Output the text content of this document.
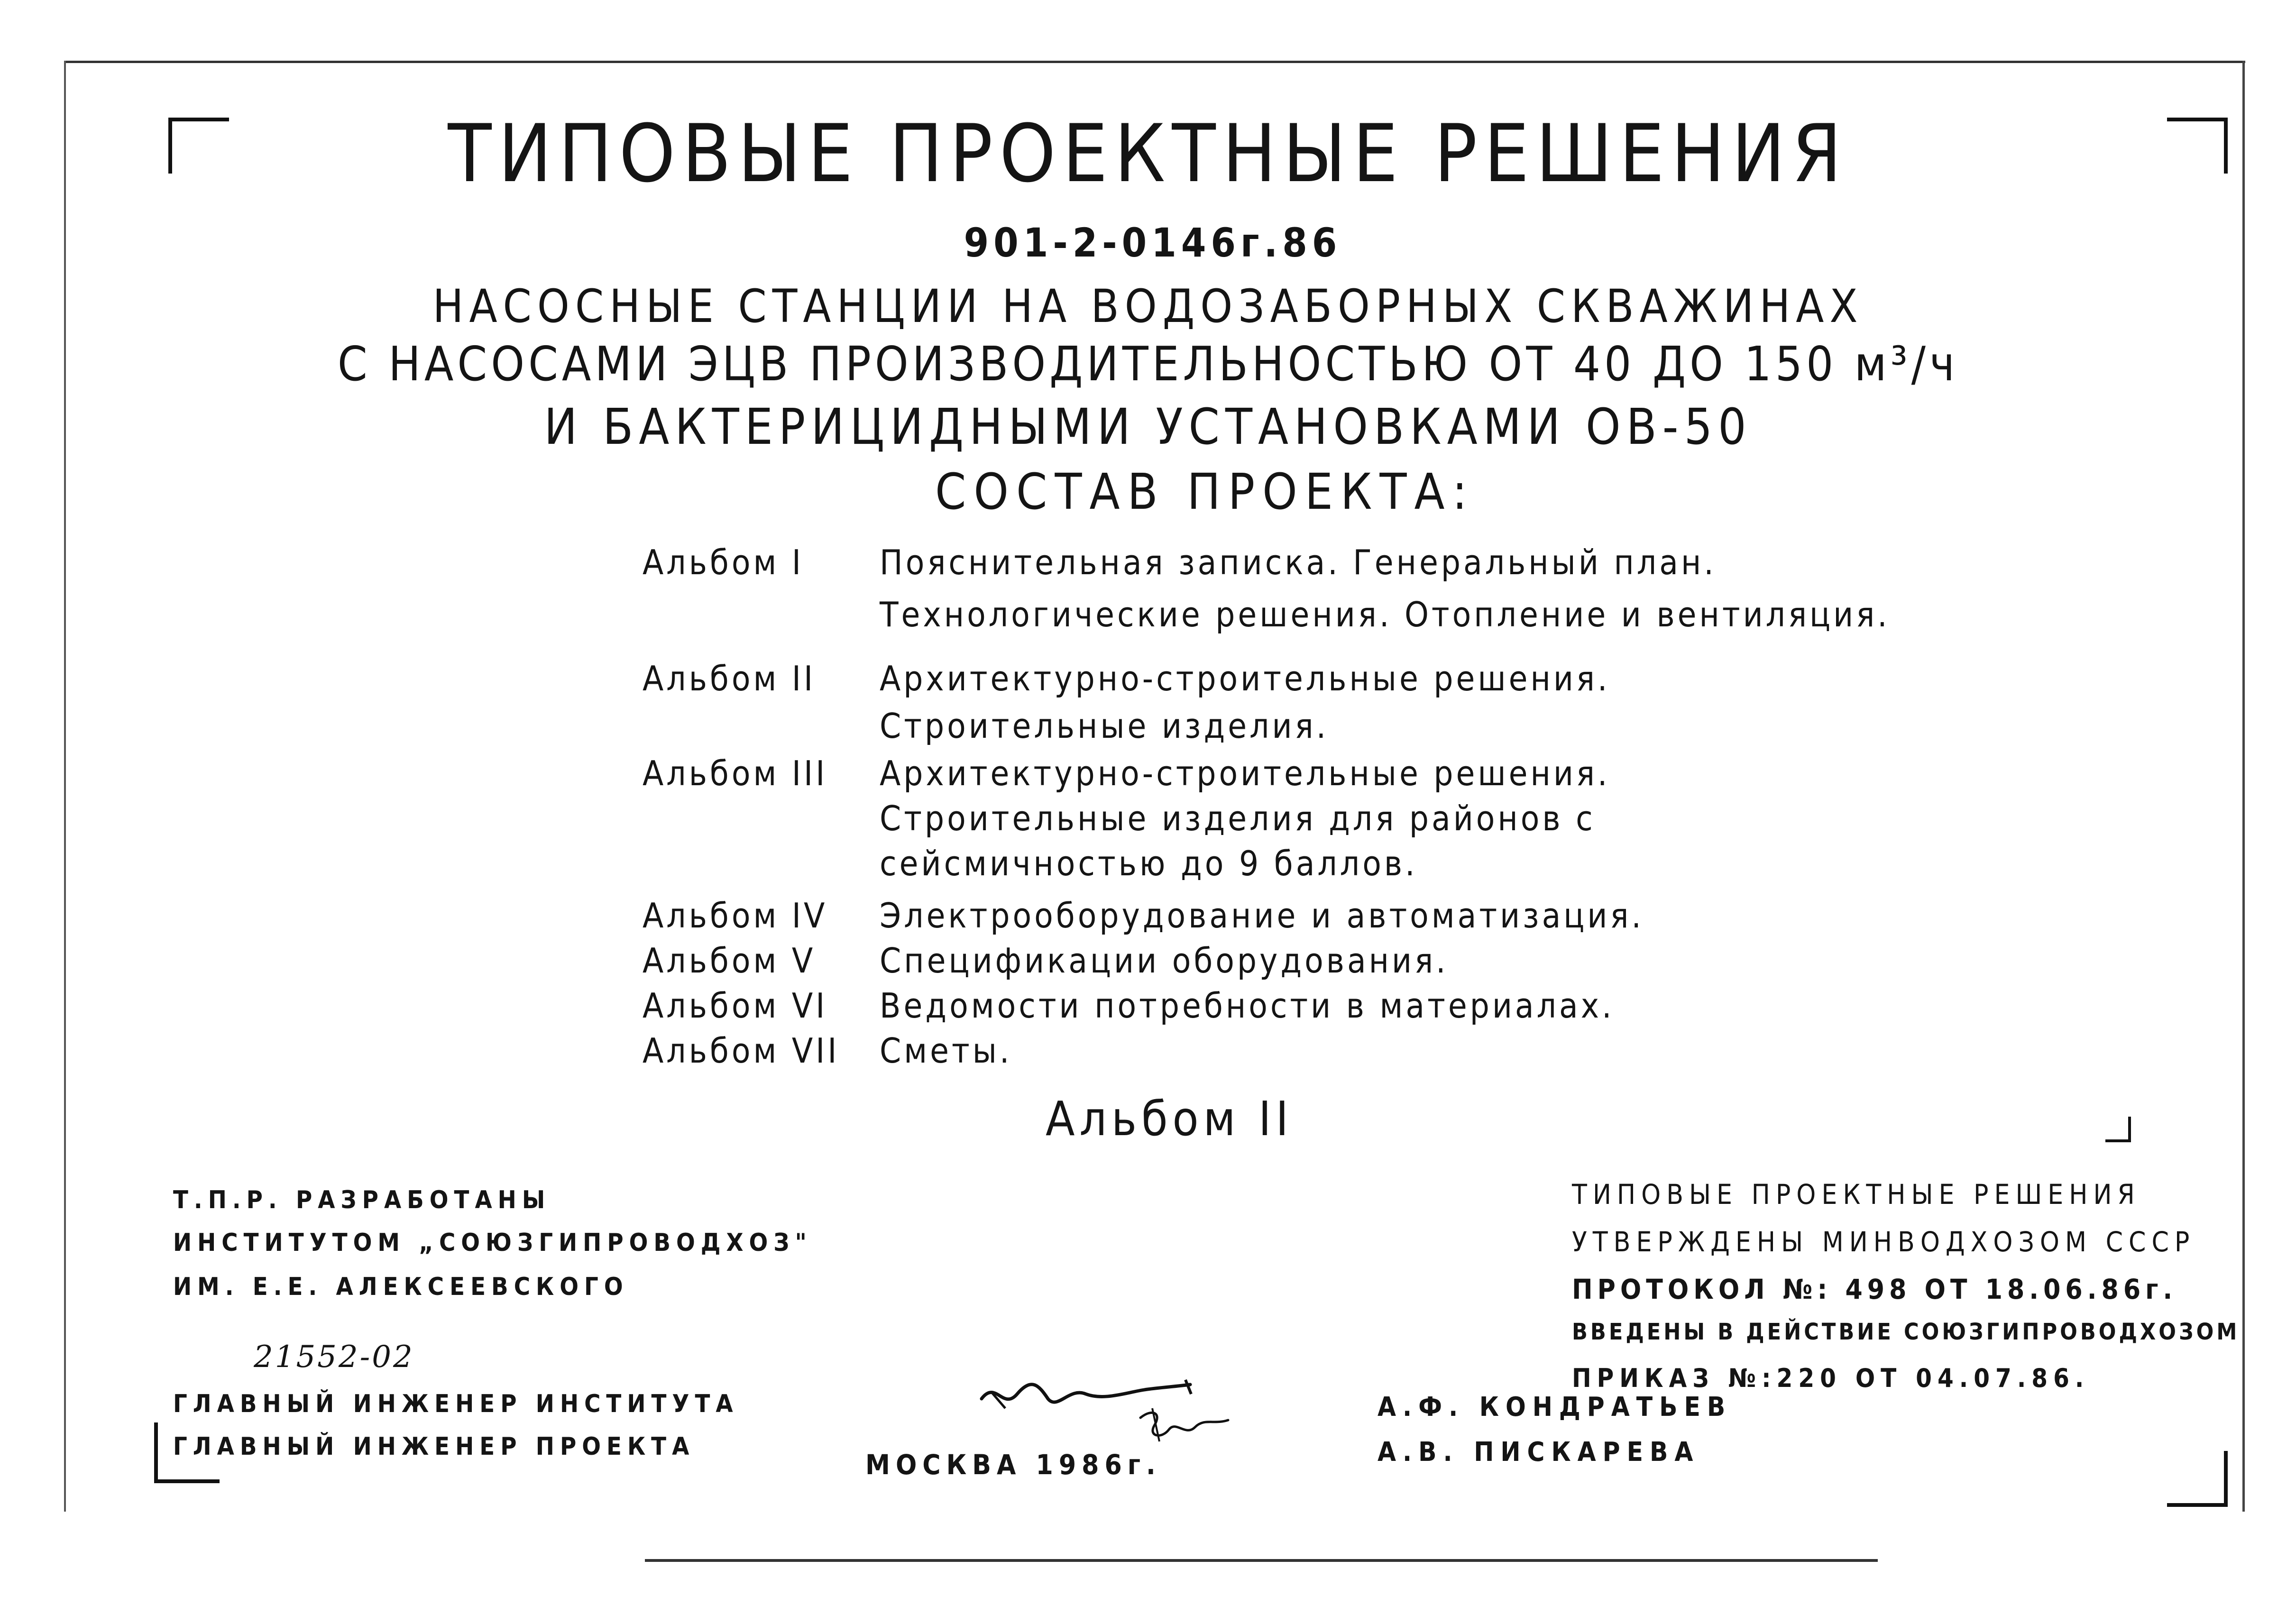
ТИПОВЫЕ ПРОЕКТНЫЕ РЕШЕНИЯ
901-2-0146г.86
НАСОСНЫЕ СТАНЦИИ НА ВОДОЗАБОРНЫХ СКВАЖИНАХ
С НАСОСАМИ ЭЦВ ПРОИЗВОДИТЕЛЬНОСТЬЮ ОТ 40 ДО 150 м³/ч
И БАКТЕРИЦИДНЫМИ УСТАНОВКАМИ ОВ-50
СОСТАВ ПРОЕКТА:
Альбом I Пояснительная записка. Генеральный план.
Технологические решения. Отопление и вентиляция.
Альбом II Архитектурно-строительные решения.
Строительные изделия.
Альбом III Архитектурно-строительные решения.
Строительные изделия для районов с
сейсмичностью до 9 баллов.
Альбом IV Электрооборудование и автоматизация.
Альбом V Спецификации оборудования.
Альбом VI Ведомости потребности в материалах.
Альбом VII Сметы.
Альбом II
Т.П.Р. РАЗРАБОТАНЫ
ИНСТИТУТОМ „СОЮЗГИПРОВОДХОЗ"
ИМ. Е.Е. АЛЕКСЕЕВСКОГО
21552-02
ГЛАВНЫЙ ИНЖЕНЕР ИНСТИТУТА
ГЛАВНЫЙ ИНЖЕНЕР ПРОЕКТА
МОСКВА 1986г.
А.Ф. КОНДРАТЬЕВ
А.В. ПИСКАРЕВА
ТИПОВЫЕ ПРОЕКТНЫЕ РЕШЕНИЯ
УТВЕРЖДЕНЫ МИНВОДХОЗОМ СССР
ПРОТОКОЛ №: 498 ОТ 18.06.86г.
ВВЕДЕНЫ В ДЕЙСТВИЕ СОЮЗГИПРОВОДХОЗОМ
ПРИКАЗ №:220 ОТ 04.07.86.
